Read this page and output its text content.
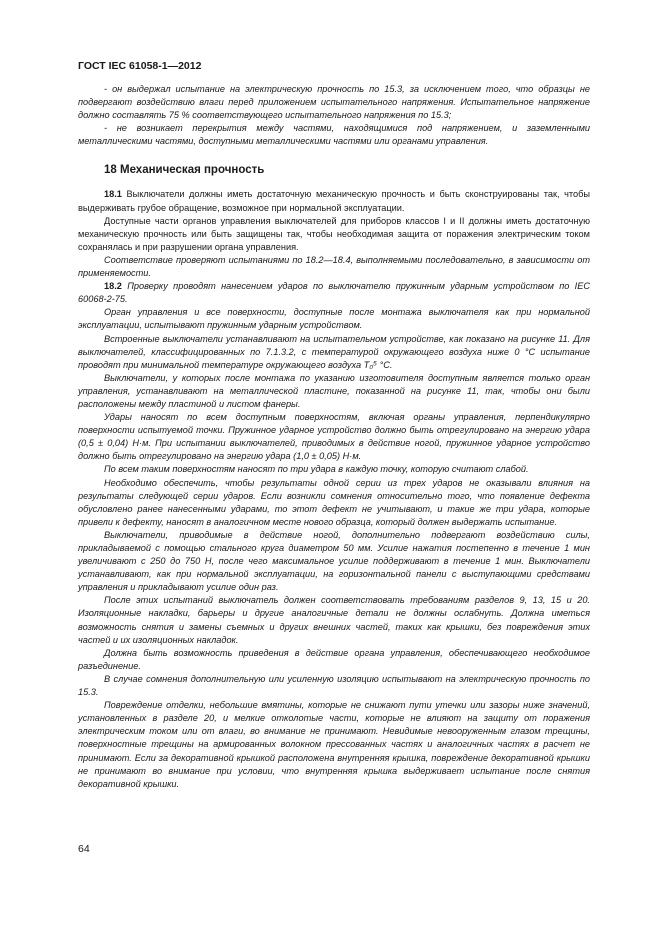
ГОСТ IEC 61058-1—2012

- он выдержал испытание на электрическую прочность по 15.3, за исключением того, что образцы не подвергают воздействию влаги перед приложением испытательного напряжения. Испытательное напряжение должно составлять 75 % соответствующего испытательного напряжения по 15.3;

- не возникает перекрытия между частями, находящимися под напряжением, и заземленными металлическими частями, доступными металлическими частями или органами управления.

18 Механическая прочность

18.1 Выключатели должны иметь достаточную механическую прочность и быть сконструированы так, чтобы выдерживать грубое обращение, возможное при нормальной эксплуатации.

Доступные части органов управления выключателей для приборов классов I и II должны иметь достаточную механическую прочность или быть защищены так, чтобы необходимая защита от поражения электрическим током сохранялась и при разрушении органа управления.

Соответствие проверяют испытаниями по 18.2—18.4, выполняемыми последовательно, в зависимости от применяемости.

18.2 Проверку проводят нанесением ударов по выключателю пружинным ударным устройством по IEC 60068-2-75.

Орган управления и все поверхности, доступные после монтажа выключателя как при нормальной эксплуатации, испытывают пружинным ударным устройством.

Встроенные выключатели устанавливают на испытательном устройстве, как показано на рисунке 11. Для выключателей, классифицированных по 7.1.3.2, с температурой окружающего воздуха ниже 0 °С испытание проводят при минимальной температуре окружающего воздуха T₀⁵ °С.

Выключатели, у которых после монтажа по указанию изготовителя доступным является только орган управления, устанавливают на металлической пластине, показанной на рисунке 11, так, чтобы они были расположены между пластиной и листом фанеры.

Удары наносят по всем доступным поверхностям, включая органы управления, перпендикулярно поверхности испытуемой точки. Пружинное ударное устройство должно быть отрегулировано на энергию удара (0,5 ± 0,04) Н·м. При испытании выключателей, приводимых в действие ногой, пружинное ударное устройство должно быть отрегулировано на энергию удара (1,0 ± 0,05) Н·м.

По всем таким поверхностям наносят по три удара в каждую точку, которую считают слабой.

Необходимо обеспечить, чтобы результаты одной серии из трех ударов не оказывали влияния на результаты следующей серии ударов. Если возникли сомнения относительно того, что появление дефекта обусловлено ранее нанесенными ударами, то этот дефект не учитывают, и такие же три удара, которые привели к дефекту, наносят в аналогичном месте нового образца, который должен выдержать испытание.

Выключатели, приводимые в действие ногой, дополнительно подвергают воздействию силы, прикладываемой с помощью стального круга диаметром 50 мм. Усилие нажатия постепенно в течение 1 мин увеличивают с 250 до 750 Н, после чего максимальное усилие поддерживают в течение 1 мин. Выключатели устанавливают, как при нормальной эксплуатации, на горизонтальной панели с выступающими средствами управления и прикладывают усилие один раз.

После этих испытаний выключатель должен соответствовать требованиям разделов 9, 13, 15 и 20. Изоляционные накладки, барьеры и другие аналогичные детали не должны ослабнуть. Должна иметься возможность снятия и замены съемных и других внешних частей, таких как крышки, без повреждения этих частей и их изоляционных накладок.

Должна быть возможность приведения в действие органа управления, обеспечивающего необходимое разъединение.

В случае сомнения дополнительную или усиленную изоляцию испытывают на электрическую прочность по 15.3.

Повреждение отделки, небольшие вмятины, которые не снижают пути утечки или зазоры ниже значений, установленных в разделе 20, и мелкие отколотые части, которые не влияют на защиту от поражения электрическим током или от влаги, во внимание не принимают. Невидимые невооруженным глазом трещины, поверхностные трещины на армированных волокном прессованных частях и аналогичных частях в расчет не принимают. Если за декоративной крышкой расположена внутренняя крышка, повреждение декоративной крышки не принимают во внимание при условии, что внутренняя крышка выдерживает испытание после снятия декоративной крышки.

64
